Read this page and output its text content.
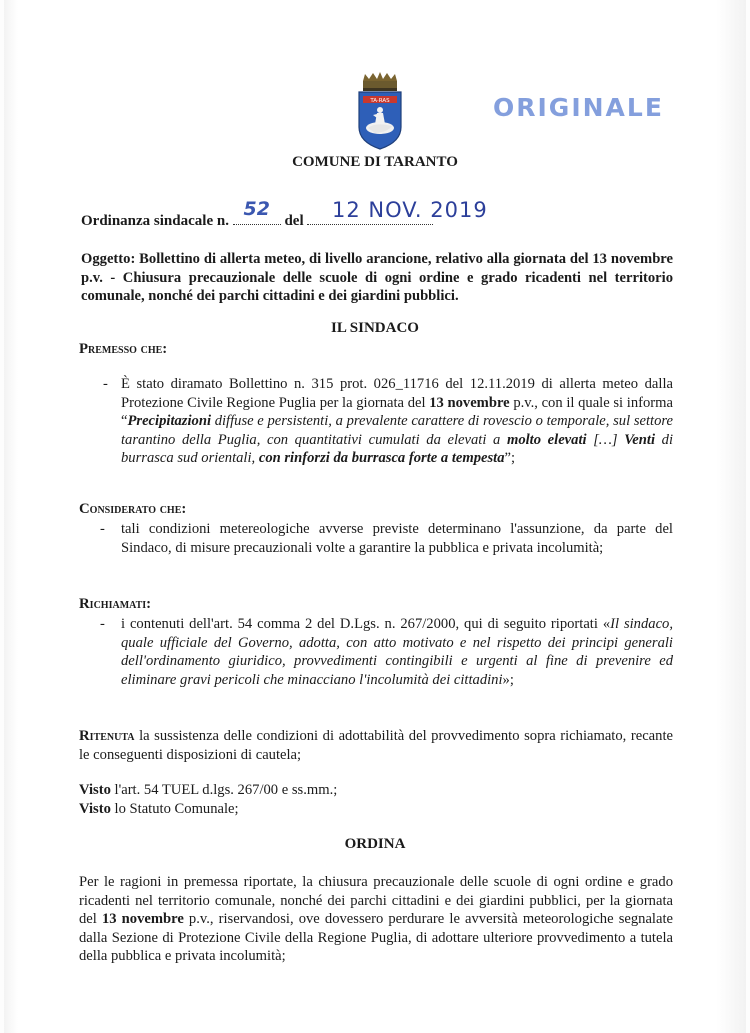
TA·RAS	ORIGINALE
COMUNE DI TARANTO
Ordinanza sindacale n.
52
del	12 NOV. 2019
Oggetto: Bollettino di allerta meteo, di livello arancione, relativo alla giornata del 13 novembre p.v. - Chiusura precauzionale delle scuole di ogni ordine e grado ricadenti nel territorio comunale, nonché dei parchi cittadini e dei giardini pubblici.
IL SINDACO
Premesso che:
- È stato diramato Bollettino n. 315 prot. 026_11716 del 12.11.2019 di allerta meteo dalla Protezione Civile Regione Puglia per la giornata del 13 novembre p.v., con il quale si informa “Precipitazioni diffuse e persistenti, a prevalente carattere di rovescio o temporale, sul settore tarantino della Puglia, con quantitativi cumulati da elevati a molto elevati […] Venti di burrasca sud orientali, con rinforzi da burrasca forte a tempesta”;
Considerato che:
- tali condizioni metereologiche avverse previste determinano l'assunzione, da parte del Sindaco, di misure precauzionali volte a garantire la pubblica e privata incolumità;
Richiamati:
- i contenuti dell'art. 54 comma 2 del D.Lgs. n. 267/2000, qui di seguito riportati «Il sindaco, quale ufficiale del Governo, adotta, con atto motivato e nel rispetto dei principi generali dell'ordinamento giuridico, provvedimenti contingibili e urgenti al fine di prevenire ed eliminare gravi pericoli che minacciano l'incolumità dei cittadini»;
Ritenuta la sussistenza delle condizioni di adottabilità del provvedimento sopra richiamato, recante le conseguenti disposizioni di cautela;
Visto l'art. 54 TUEL d.lgs. 267/00 e ss.mm.;
Visto lo Statuto Comunale;
ORDINA
Per le ragioni in premessa riportate, la chiusura precauzionale delle scuole di ogni ordine e grado ricadenti nel territorio comunale, nonché dei parchi cittadini e dei giardini pubblici, per la giornata del 13 novembre p.v., riservandosi, ove dovessero perdurare le avversità meteorologiche segnalate dalla Sezione di Protezione Civile della Regione Puglia, di adottare ulteriore provvedimento a tutela della pubblica e privata incolumità;
